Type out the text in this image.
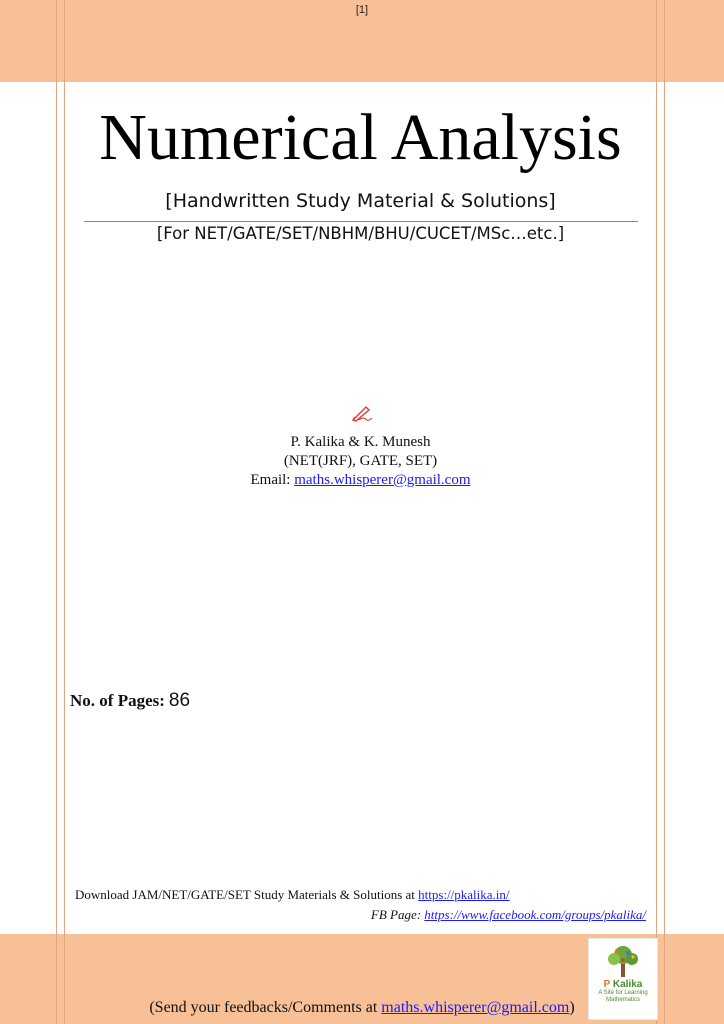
[1]
Numerical Analysis
[Handwritten Study Material & Solutions]
[For NET/GATE/SET/NBHM/BHU/CUCET/MSc…etc.]
P. Kalika & K. Munesh
(NET(JRF), GATE, SET)
Email: maths.whisperer@gmail.com
No. of Pages: 86
Download JAM/NET/GATE/SET Study Materials & Solutions at https://pkalika.in/
FB Page: https://www.facebook.com/groups/pkalika/
(Send your feedbacks/Comments at maths.whisperer@gmail.com)
P Kalika
A Site for Learning
Mathematics
